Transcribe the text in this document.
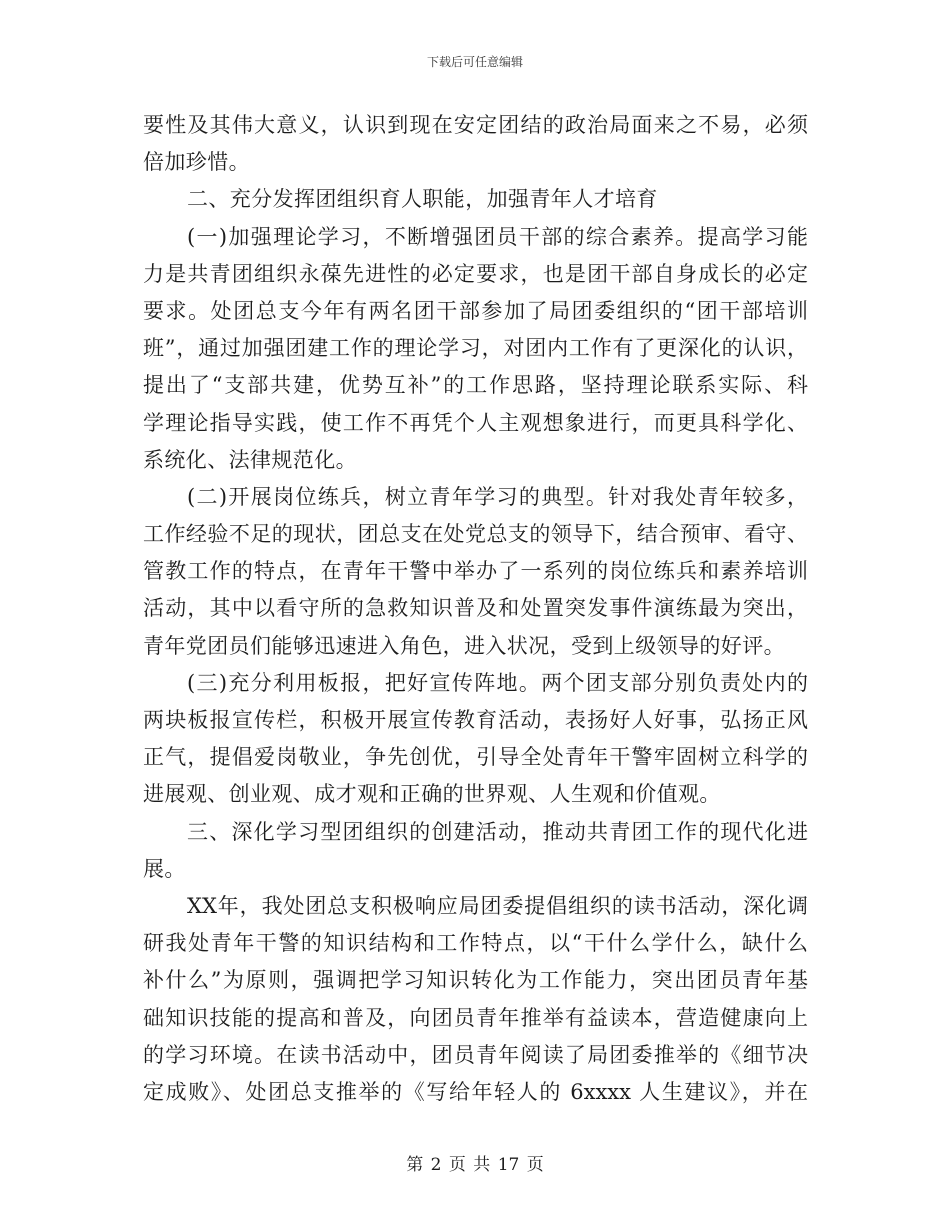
下载后可任意编辑
要性及其伟大意义，认识到现在安定团结的政治局面来之不易，必须
倍加珍惜。
二、充分发挥团组织育人职能，加强青年人才培育
(一)加强理论学习，不断增强团员干部的综合素养。提高学习能
力是共青团组织永葆先进性的必定要求，也是团干部自身成长的必定
要求。处团总支今年有两名团干部参加了局团委组织的“团干部培训
班”，通过加强团建工作的理论学习，对团内工作有了更深化的认识，
提出了“支部共建，优势互补”的工作思路，坚持理论联系实际、科
学理论指导实践，使工作不再凭个人主观想象进行，而更具科学化、
系统化、法律规范化。
(二)开展岗位练兵，树立青年学习的典型。针对我处青年较多，
工作经验不足的现状，团总支在处党总支的领导下，结合预审、看守、
管教工作的特点，在青年干警中举办了一系列的岗位练兵和素养培训
活动，其中以看守所的急救知识普及和处置突发事件演练最为突出，
青年党团员们能够迅速进入角色，进入状况，受到上级领导的好评。
(三)充分利用板报，把好宣传阵地。两个团支部分别负责处内的
两块板报宣传栏，积极开展宣传教育活动，表扬好人好事，弘扬正风
正气，提倡爱岗敬业，争先创优，引导全处青年干警牢固树立科学的
进展观、创业观、成才观和正确的世界观、人生观和价值观。
三、深化学习型团组织的创建活动，推动共青团工作的现代化进
展。
XX年，我处团总支积极响应局团委提倡组织的读书活动，深化调
研我处青年干警的知识结构和工作特点，以“干什么学什么，缺什么
补什么”为原则，强调把学习知识转化为工作能力，突出团员青年基
础知识技能的提高和普及，向团员青年推举有益读本，营造健康向上
的学习环境。在读书活动中，团员青年阅读了局团委推举的《细节决
定成败》、处团总支推举的《写给年轻人的 6xxxx 人生建议》，并在
第 2 页 共 17 页
